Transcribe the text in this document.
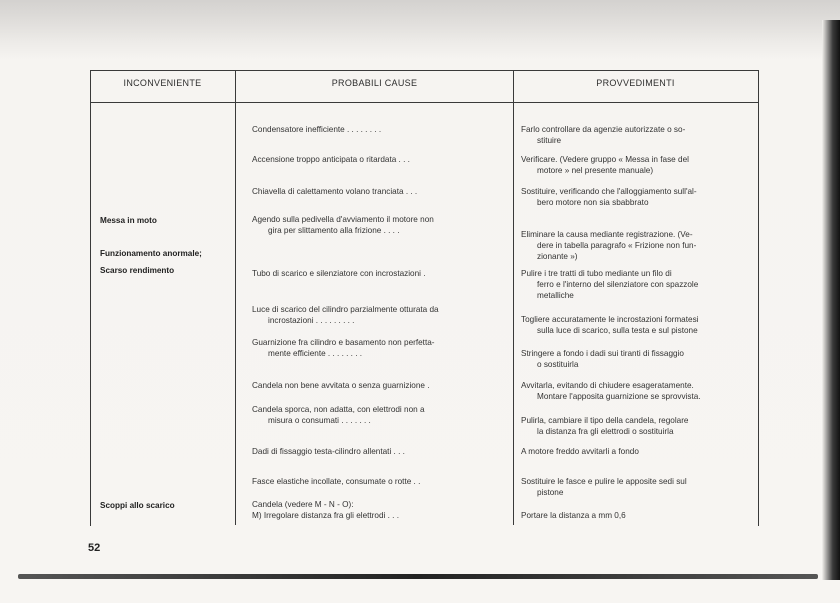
INCONVENIENTE	PROBABILI CAUSE	PROVVEDIMENTI
Messa in moto
Funzionamento anormale;
Scarso rendimento
Scoppi allo scarico
Condensatore inefficiente . . . . . . . .
Accensione troppo anticipata o ritardata . . .
Chiavella di calettamento volano tranciata . . .
Agendo sulla pedivella d'avviamento il motore non
gira per slittamento alla frizione . . . .
Tubo di scarico e silenziatore con incrostazioni .
Luce di scarico del cilindro parzialmente otturata da
incrostazioni . . . . . . . . .
Guarnizione fra cilindro e basamento non perfetta-
mente efficiente . . . . . . . .
Candela non bene avvitata o senza guarnizione .
Candela sporca, non adatta, con elettrodi non a
misura o consumati . . . . . . .
Dadi di fissaggio testa-cilindro allentati . . .
Fasce elastiche incollate, consumate o rotte . .
Candela (vedere M - N - O):
M) Irregolare distanza fra gli elettrodi . . .
Farlo controllare da agenzie autorizzate o so-
stituire
Verificare. (Vedere gruppo « Messa in fase del
motore » nel presente manuale)
Sostituire, verificando che l'alloggiamento sull'al-
bero motore non sia sbabbrato
Eliminare la causa mediante registrazione. (Ve-
dere in tabella paragrafo « Frizione non fun-
zionante »)
Pulire i tre tratti di tubo mediante un filo di
ferro e l'interno del silenziatore con spazzole
metalliche
Togliere accuratamente le incrostazioni formatesi
sulla luce di scarico, sulla testa e sul pistone
Stringere a fondo i dadi sui tiranti di fissaggio
o sostituirla
Avvitarla, evitando di chiudere esageratamente.
Montare l'apposita guarnizione se sprovvista.
Pulirla, cambiare il tipo della candela, regolare
la distanza fra gli elettrodi o sostituirla
A motore freddo avvitarli a fondo
Sostituire le fasce e pulire le apposite sedi sul
pistone
Portare la distanza a mm 0,6
52
